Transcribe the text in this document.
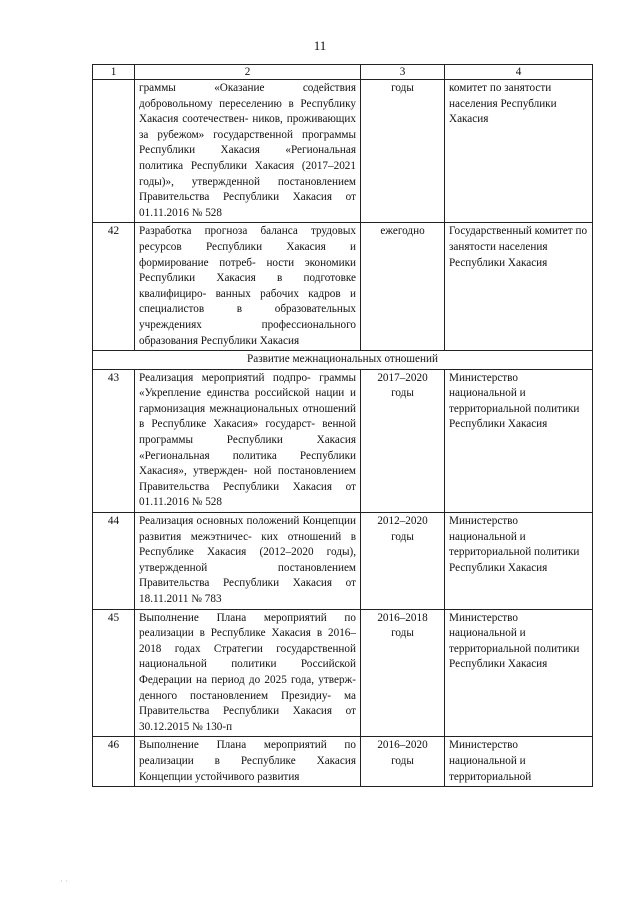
11
1	2	3	4
	граммы «Оказание содействия добровольному переселению в Республику Хакасия соотечествен- ников, проживающих за рубежом» государственной программы Республики Хакасия «Региональная политика Республики Хакасия (2017–2021 годы)», утвержденной постановлением Правительства Республики Хакасия от 01.11.2016 № 528	годы	комитет по занятости населения Республики Хакасия
42	Разработка прогноза баланса трудовых ресурсов Республики Хакасия и формирование потреб- ности экономики Республики Хакасия в подготовке квалифициро- ванных рабочих кадров и специалистов в образовательных учреждениях профессионального образования Республики Хакасия	ежегодно	Государственный комитет по занятости населения Республики Хакасия
Развитие межнациональных отношений			
43	Реализация мероприятий подпро- граммы «Укрепление единства российской нации и гармонизация межнациональных отношений в Республике Хакасия» государст- венной программы Республики Хакасия «Региональная политика Республики Хакасия», утвержден- ной постановлением Правительства Республики Хакасия от 01.11.2016 № 528	2017–2020 годы	Министерство национальной и территориальной политики Республики Хакасия
44	Реализация основных положений Концепции развития межэтничес- ких отношений в Республике Хакасия (2012–2020 годы), утвержденной постановлением Правительства Республики Хакасия от 18.11.2011 № 783	2012–2020 годы	Министерство национальной и территориальной политики Республики Хакасия
45	Выполнение Плана мероприятий по реализации в Республике Хакасия в 2016–2018 годах Стратегии государственной национальной политики Российской Федерации на период до 2025 года, утверж- денного постановлением Президиу- ма Правительства Республики Хакасия от 30.12.2015 № 130-п	2016–2018 годы	Министерство национальной и территориальной политики Республики Хакасия
46	Выполнение Плана мероприятий по реализации в Республике Хакасия Концепции устойчивого развития	2016–2020 годы	Министерство национальной и территориальной
· ·
